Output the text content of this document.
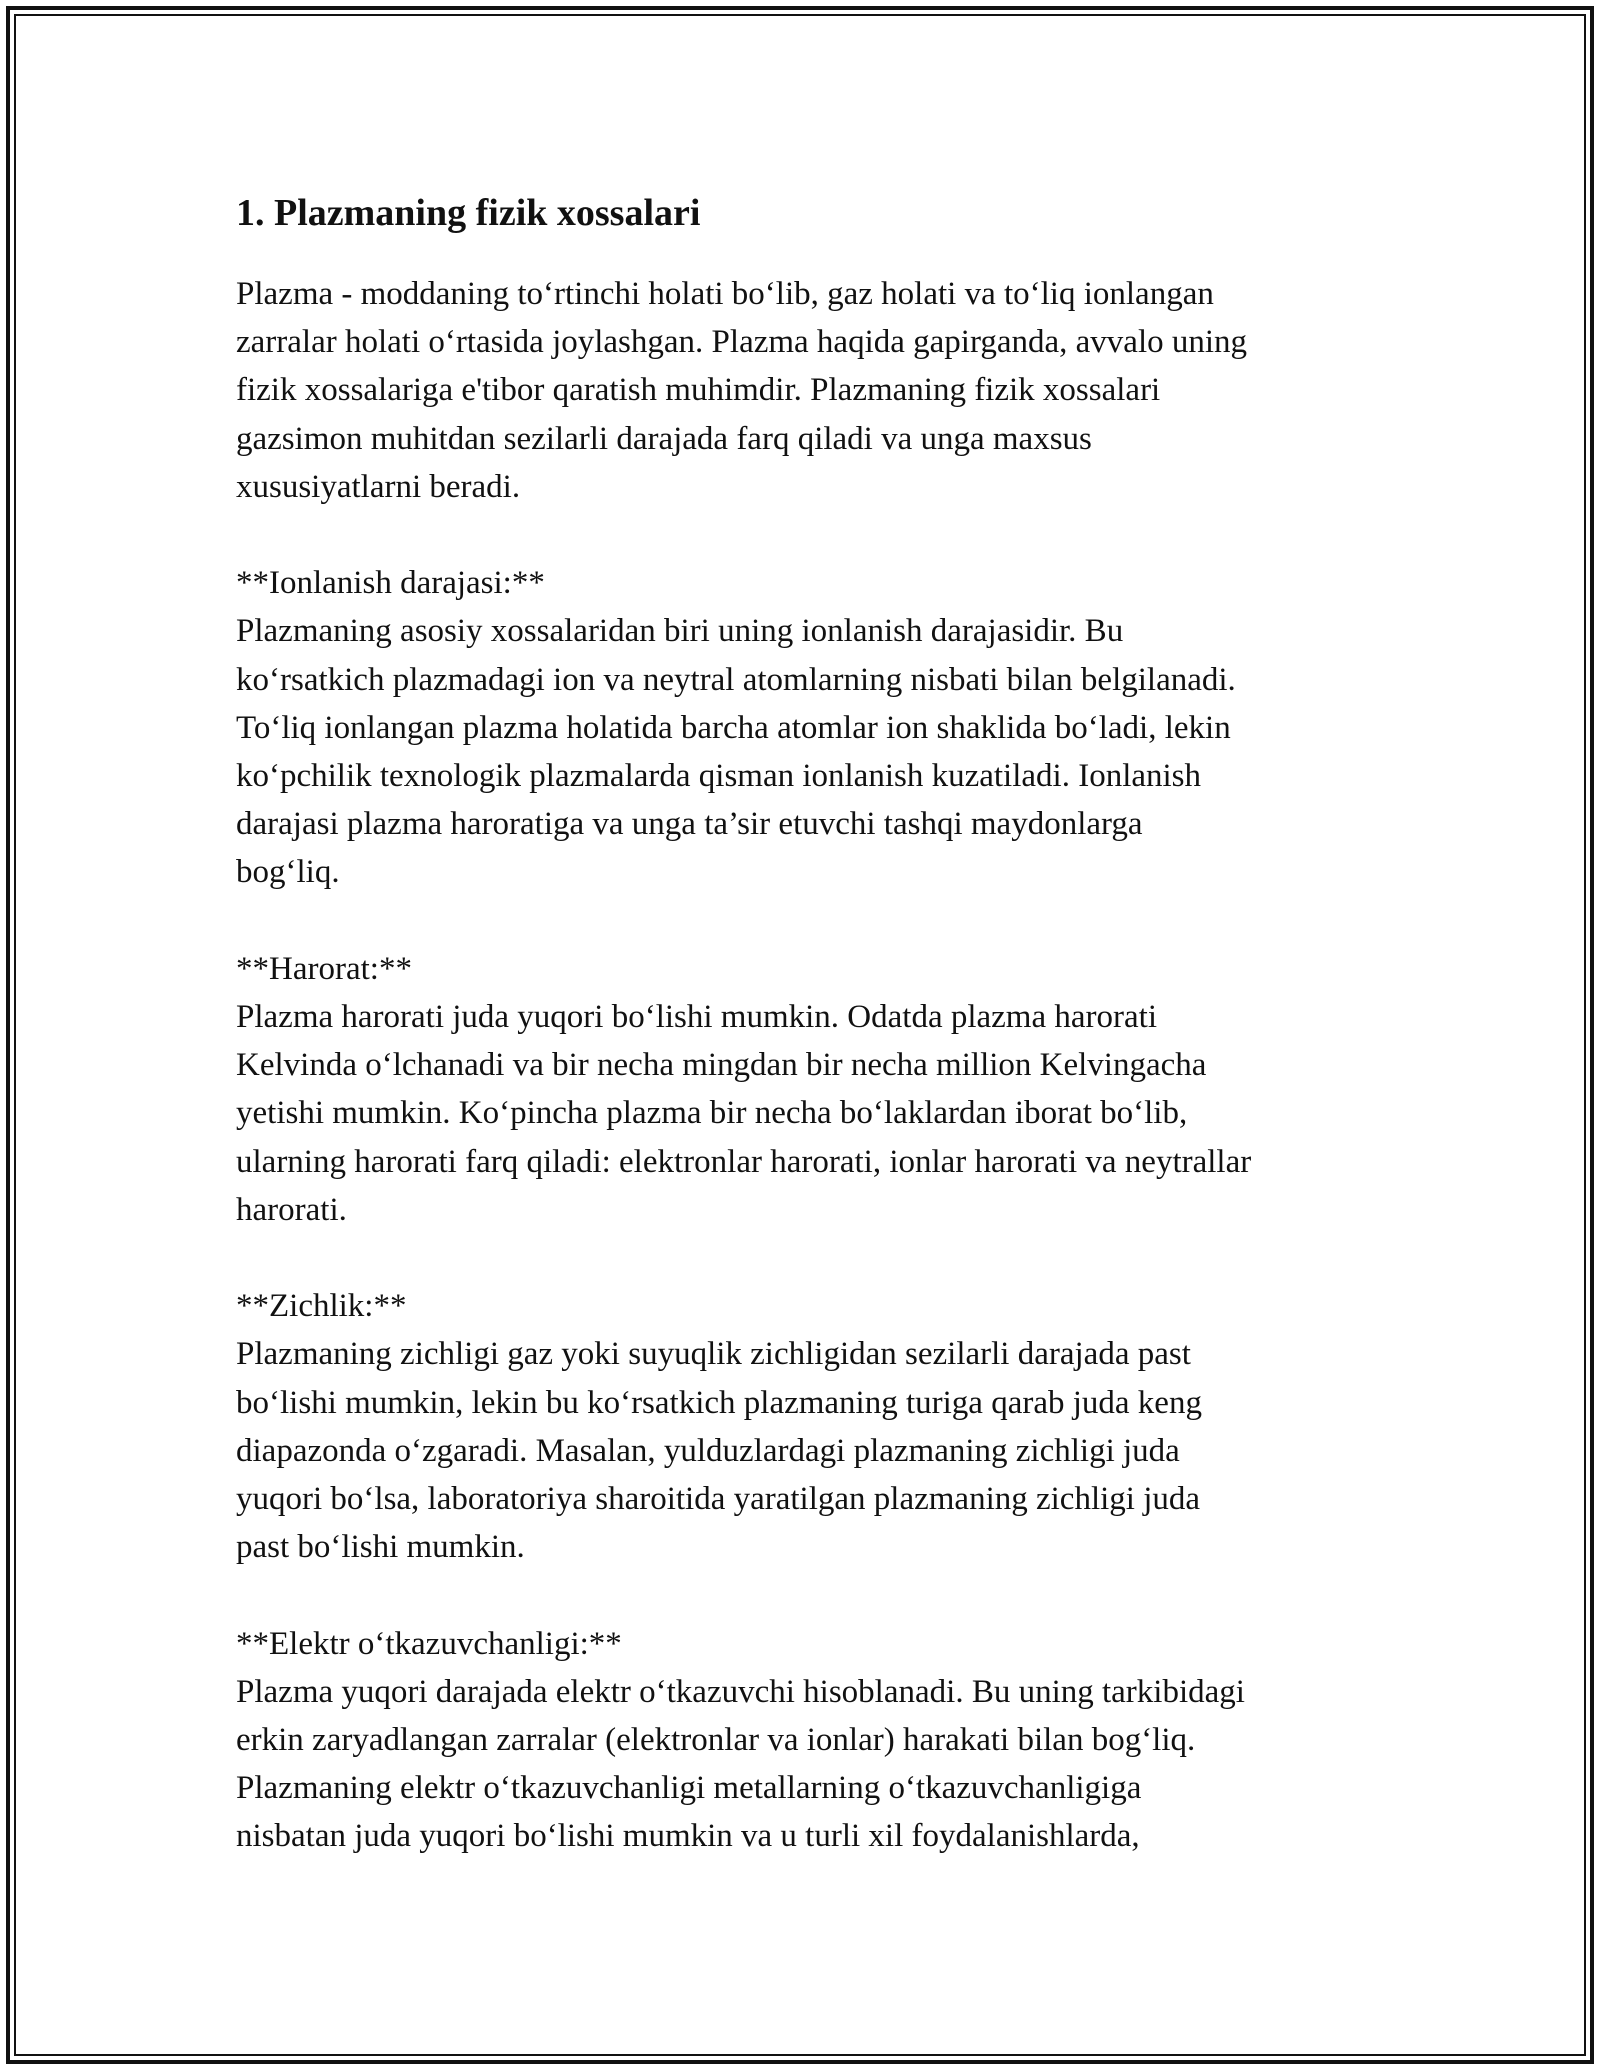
1. Plazmaning fizik xossalari

Plazma - moddaning to‘rtinchi holati bo‘lib, gaz holati va to‘liq ionlangan
zarralar holati o‘rtasida joylashgan. Plazma haqida gapirganda, avvalo uning
fizik xossalariga e'tibor qaratish muhimdir. Plazmaning fizik xossalari
gazsimon muhitdan sezilarli darajada farq qiladi va unga maxsus
xususiyatlarni beradi.

**Ionlanish darajasi:**

Plazmaning asosiy xossalaridan biri uning ionlanish darajasidir. Bu
ko‘rsatkich plazmadagi ion va neytral atomlarning nisbati bilan belgilanadi.
To‘liq ionlangan plazma holatida barcha atomlar ion shaklida bo‘ladi, lekin
ko‘pchilik texnologik plazmalarda qisman ionlanish kuzatiladi. Ionlanish
darajasi plazma haroratiga va unga ta’sir etuvchi tashqi maydonlarga
bog‘liq.

**Harorat:**

Plazma harorati juda yuqori bo‘lishi mumkin. Odatda plazma harorati
Kelvinda o‘lchanadi va bir necha mingdan bir necha million Kelvingacha
yetishi mumkin. Ko‘pincha plazma bir necha bo‘laklardan iborat bo‘lib,
ularning harorati farq qiladi: elektronlar harorati, ionlar harorati va neytrallar
harorati.

**Zichlik:**

Plazmaning zichligi gaz yoki suyuqlik zichligidan sezilarli darajada past
bo‘lishi mumkin, lekin bu ko‘rsatkich plazmaning turiga qarab juda keng
diapazonda o‘zgaradi. Masalan, yulduzlardagi plazmaning zichligi juda
yuqori bo‘lsa, laboratoriya sharoitida yaratilgan plazmaning zichligi juda
past bo‘lishi mumkin.

**Elektr o‘tkazuvchanligi:**

Plazma yuqori darajada elektr o‘tkazuvchi hisoblanadi. Bu uning tarkibidagi
erkin zaryadlangan zarralar (elektronlar va ionlar) harakati bilan bog‘liq.
Plazmaning elektr o‘tkazuvchanligi metallarning o‘tkazuvchanligiga
nisbatan juda yuqori bo‘lishi mumkin va u turli xil foydalanishlarda,
